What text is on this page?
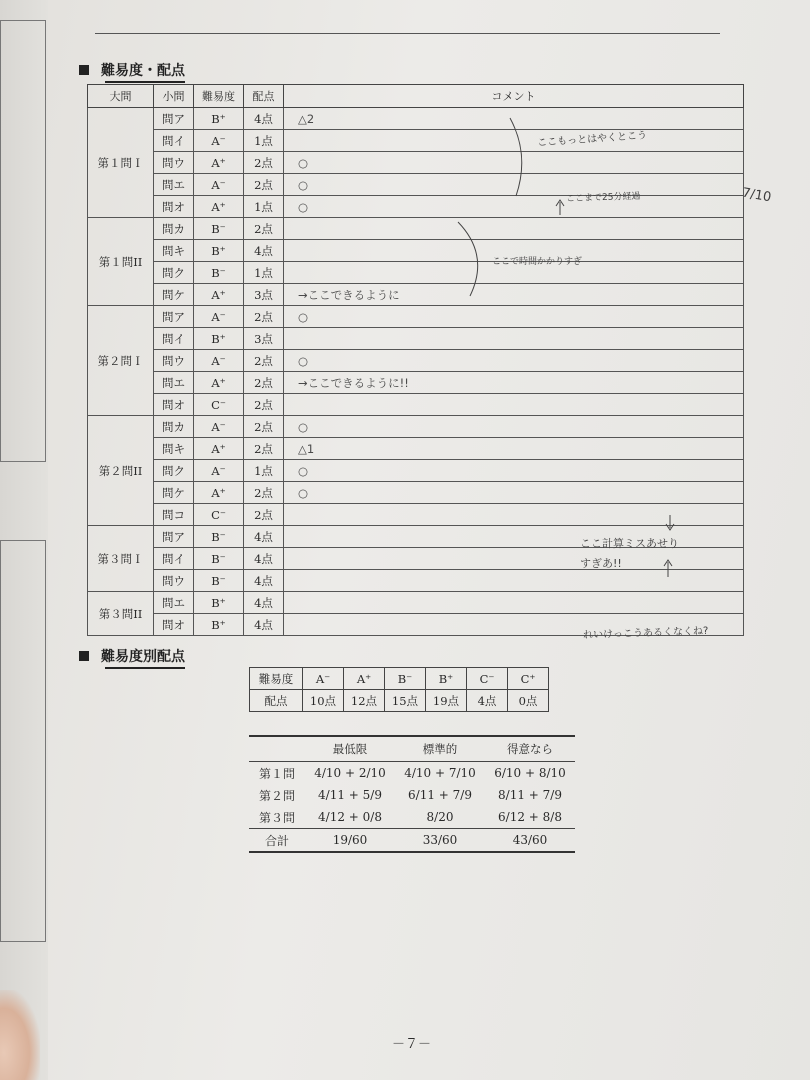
難易度・配点
大問	小問	難易度	配点	コメント
第１問Ｉ	問ア	B⁺	4点	△2
	問イ	A⁻	1点	
	問ウ	A⁺	2点	○
	問エ	A⁻	2点	○
	問オ	A⁺	1点	○
第１問II	問カ	B⁻	2点	
	問キ	B⁺	4点	
	問ク	B⁻	1点	
	問ケ	A⁺	3点	→ここできるように
第２問Ｉ	問ア	A⁻	2点	○
	問イ	B⁺	3点	
	問ウ	A⁻	2点	○
	問エ	A⁺	2点	→ここできるように!!
	問オ	C⁻	2点	
第２問II	問カ	A⁻	2点	○
	問キ	A⁺	2点	△1
	問ク	A⁻	1点	○
	問ケ	A⁺	2点	○
	問コ	C⁻	2点	
第３問Ｉ	問ア	B⁻	4点	
	問イ	B⁻	4点	
	問ウ	B⁻	4点	
第３問II	問エ	B⁺	4点	
	問オ	B⁺	4点	
ここもっとはやくとこう
ここまで25分経過	7/10
ここで時間かかりすぎ
ここ計算ミスあせりすぎあ!!
れいけっこうあるくなくね?
難易度別配点
難易度	A⁻	A⁺	B⁻	B⁺	C⁻	C⁺
配点	10点	12点	15点	19点	4点	0点
	最低限	標準的	得意なら
第１問	4/10 + 2/10	4/10 + 7/10	6/10 + 8/10
第２問	4/11 + 5/9	6/11 + 7/9	8/11 + 7/9
第３問	4/12 + 0/8	8/20	6/12 + 8/8
合計	19/60	33/60	43/60
－７－
